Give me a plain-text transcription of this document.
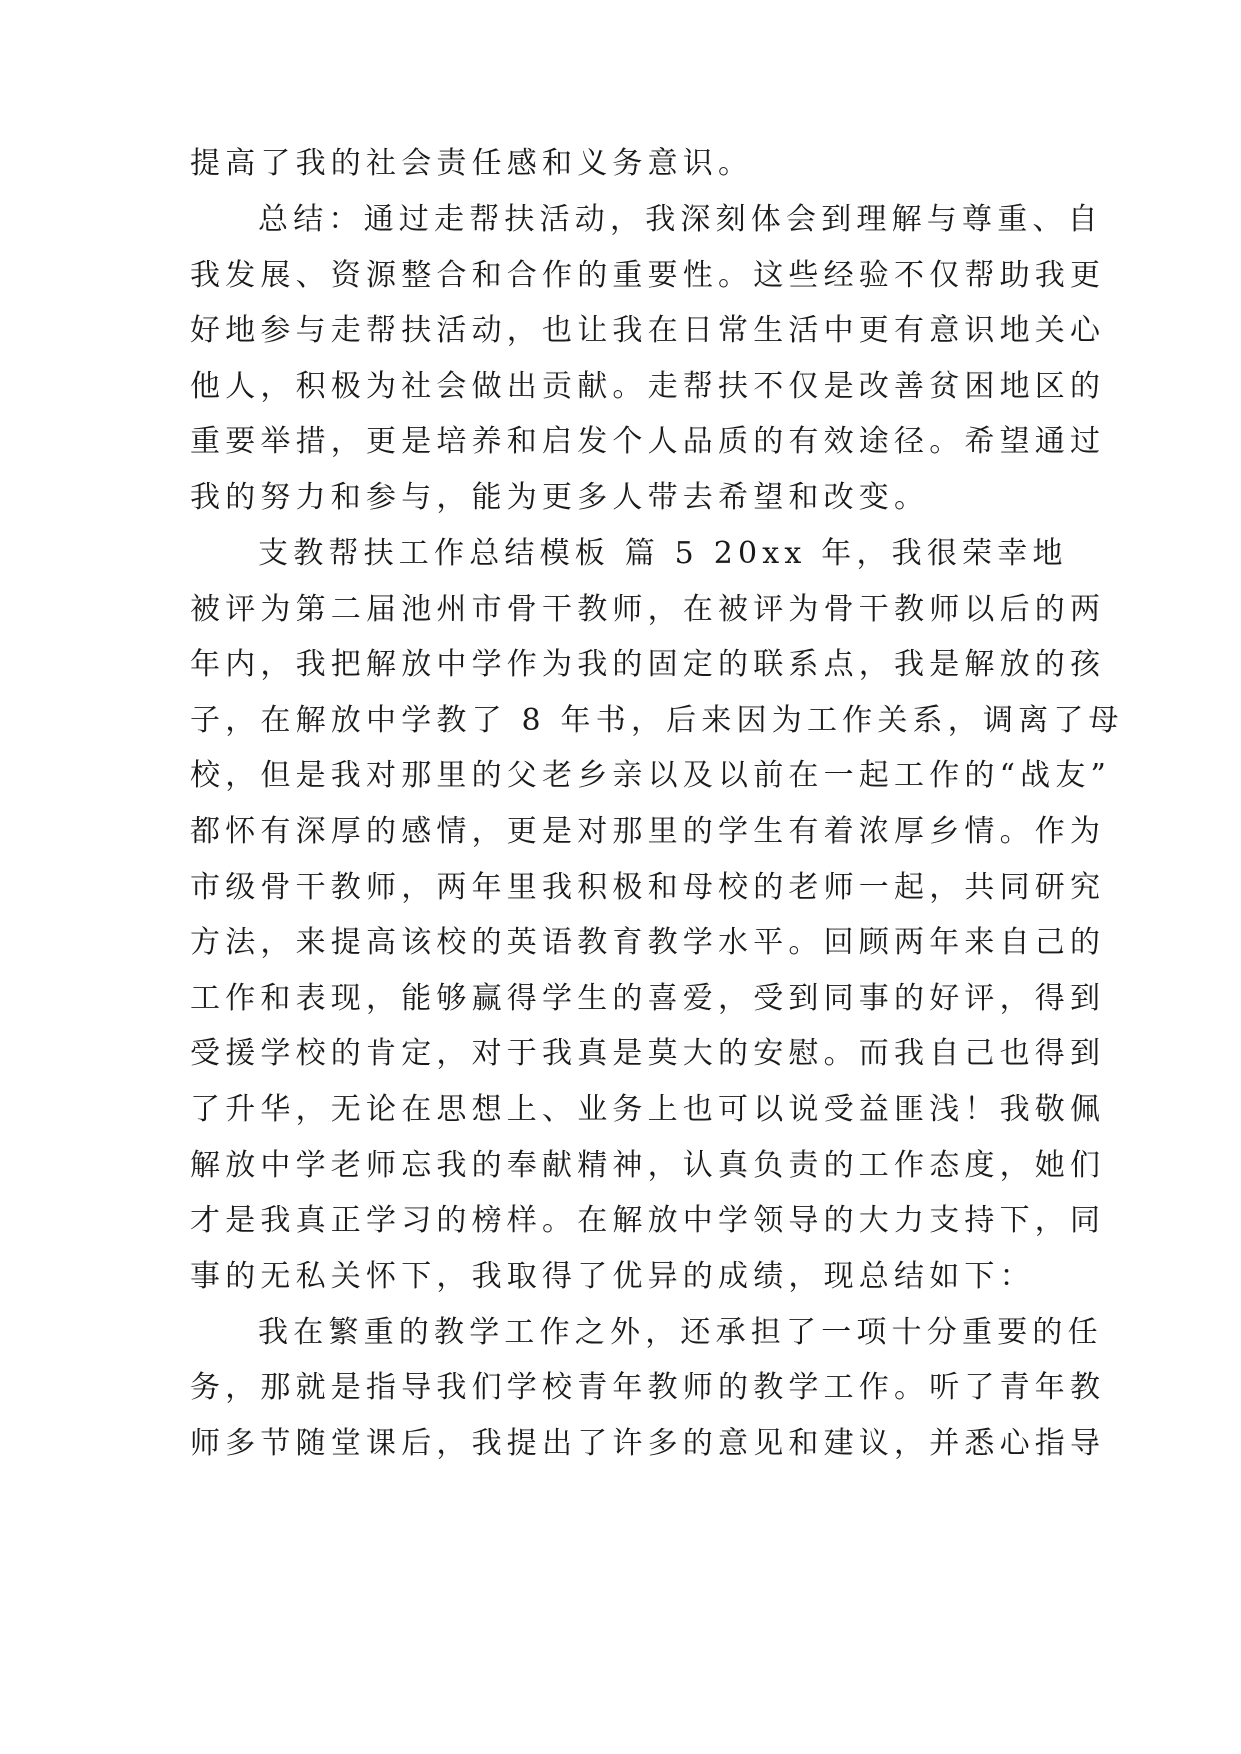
提高了我的社会责任感和义务意识。
总结：通过走帮扶活动，我深刻体会到理解与尊重、自
我发展、资源整合和合作的重要性。这些经验不仅帮助我更
好地参与走帮扶活动，也让我在日常生活中更有意识地关心
他人，积极为社会做出贡献。走帮扶不仅是改善贫困地区的
重要举措，更是培养和启发个人品质的有效途径。希望通过
我的努力和参与，能为更多人带去希望和改变。
支教帮扶工作总结模板 篇 5 20xx 年，我很荣幸地
被评为第二届池州市骨干教师，在被评为骨干教师以后的两
年内，我把解放中学作为我的固定的联系点，我是解放的孩
子，在解放中学教了 8 年书，后来因为工作关系，调离了母
校，但是我对那里的父老乡亲以及以前在一起工作的“战友”
都怀有深厚的感情，更是对那里的学生有着浓厚乡情。作为
市级骨干教师，两年里我积极和母校的老师一起，共同研究
方法，来提高该校的英语教育教学水平。回顾两年来自己的
工作和表现，能够赢得学生的喜爱，受到同事的好评，得到
受援学校的肯定，对于我真是莫大的安慰。而我自己也得到
了升华，无论在思想上、业务上也可以说受益匪浅！我敬佩
解放中学老师忘我的奉献精神，认真负责的工作态度，她们
才是我真正学习的榜样。在解放中学领导的大力支持下，同
事的无私关怀下，我取得了优异的成绩，现总结如下：
我在繁重的教学工作之外，还承担了一项十分重要的任
务，那就是指导我们学校青年教师的教学工作。听了青年教
师多节随堂课后，我提出了许多的意见和建议，并悉心指导
